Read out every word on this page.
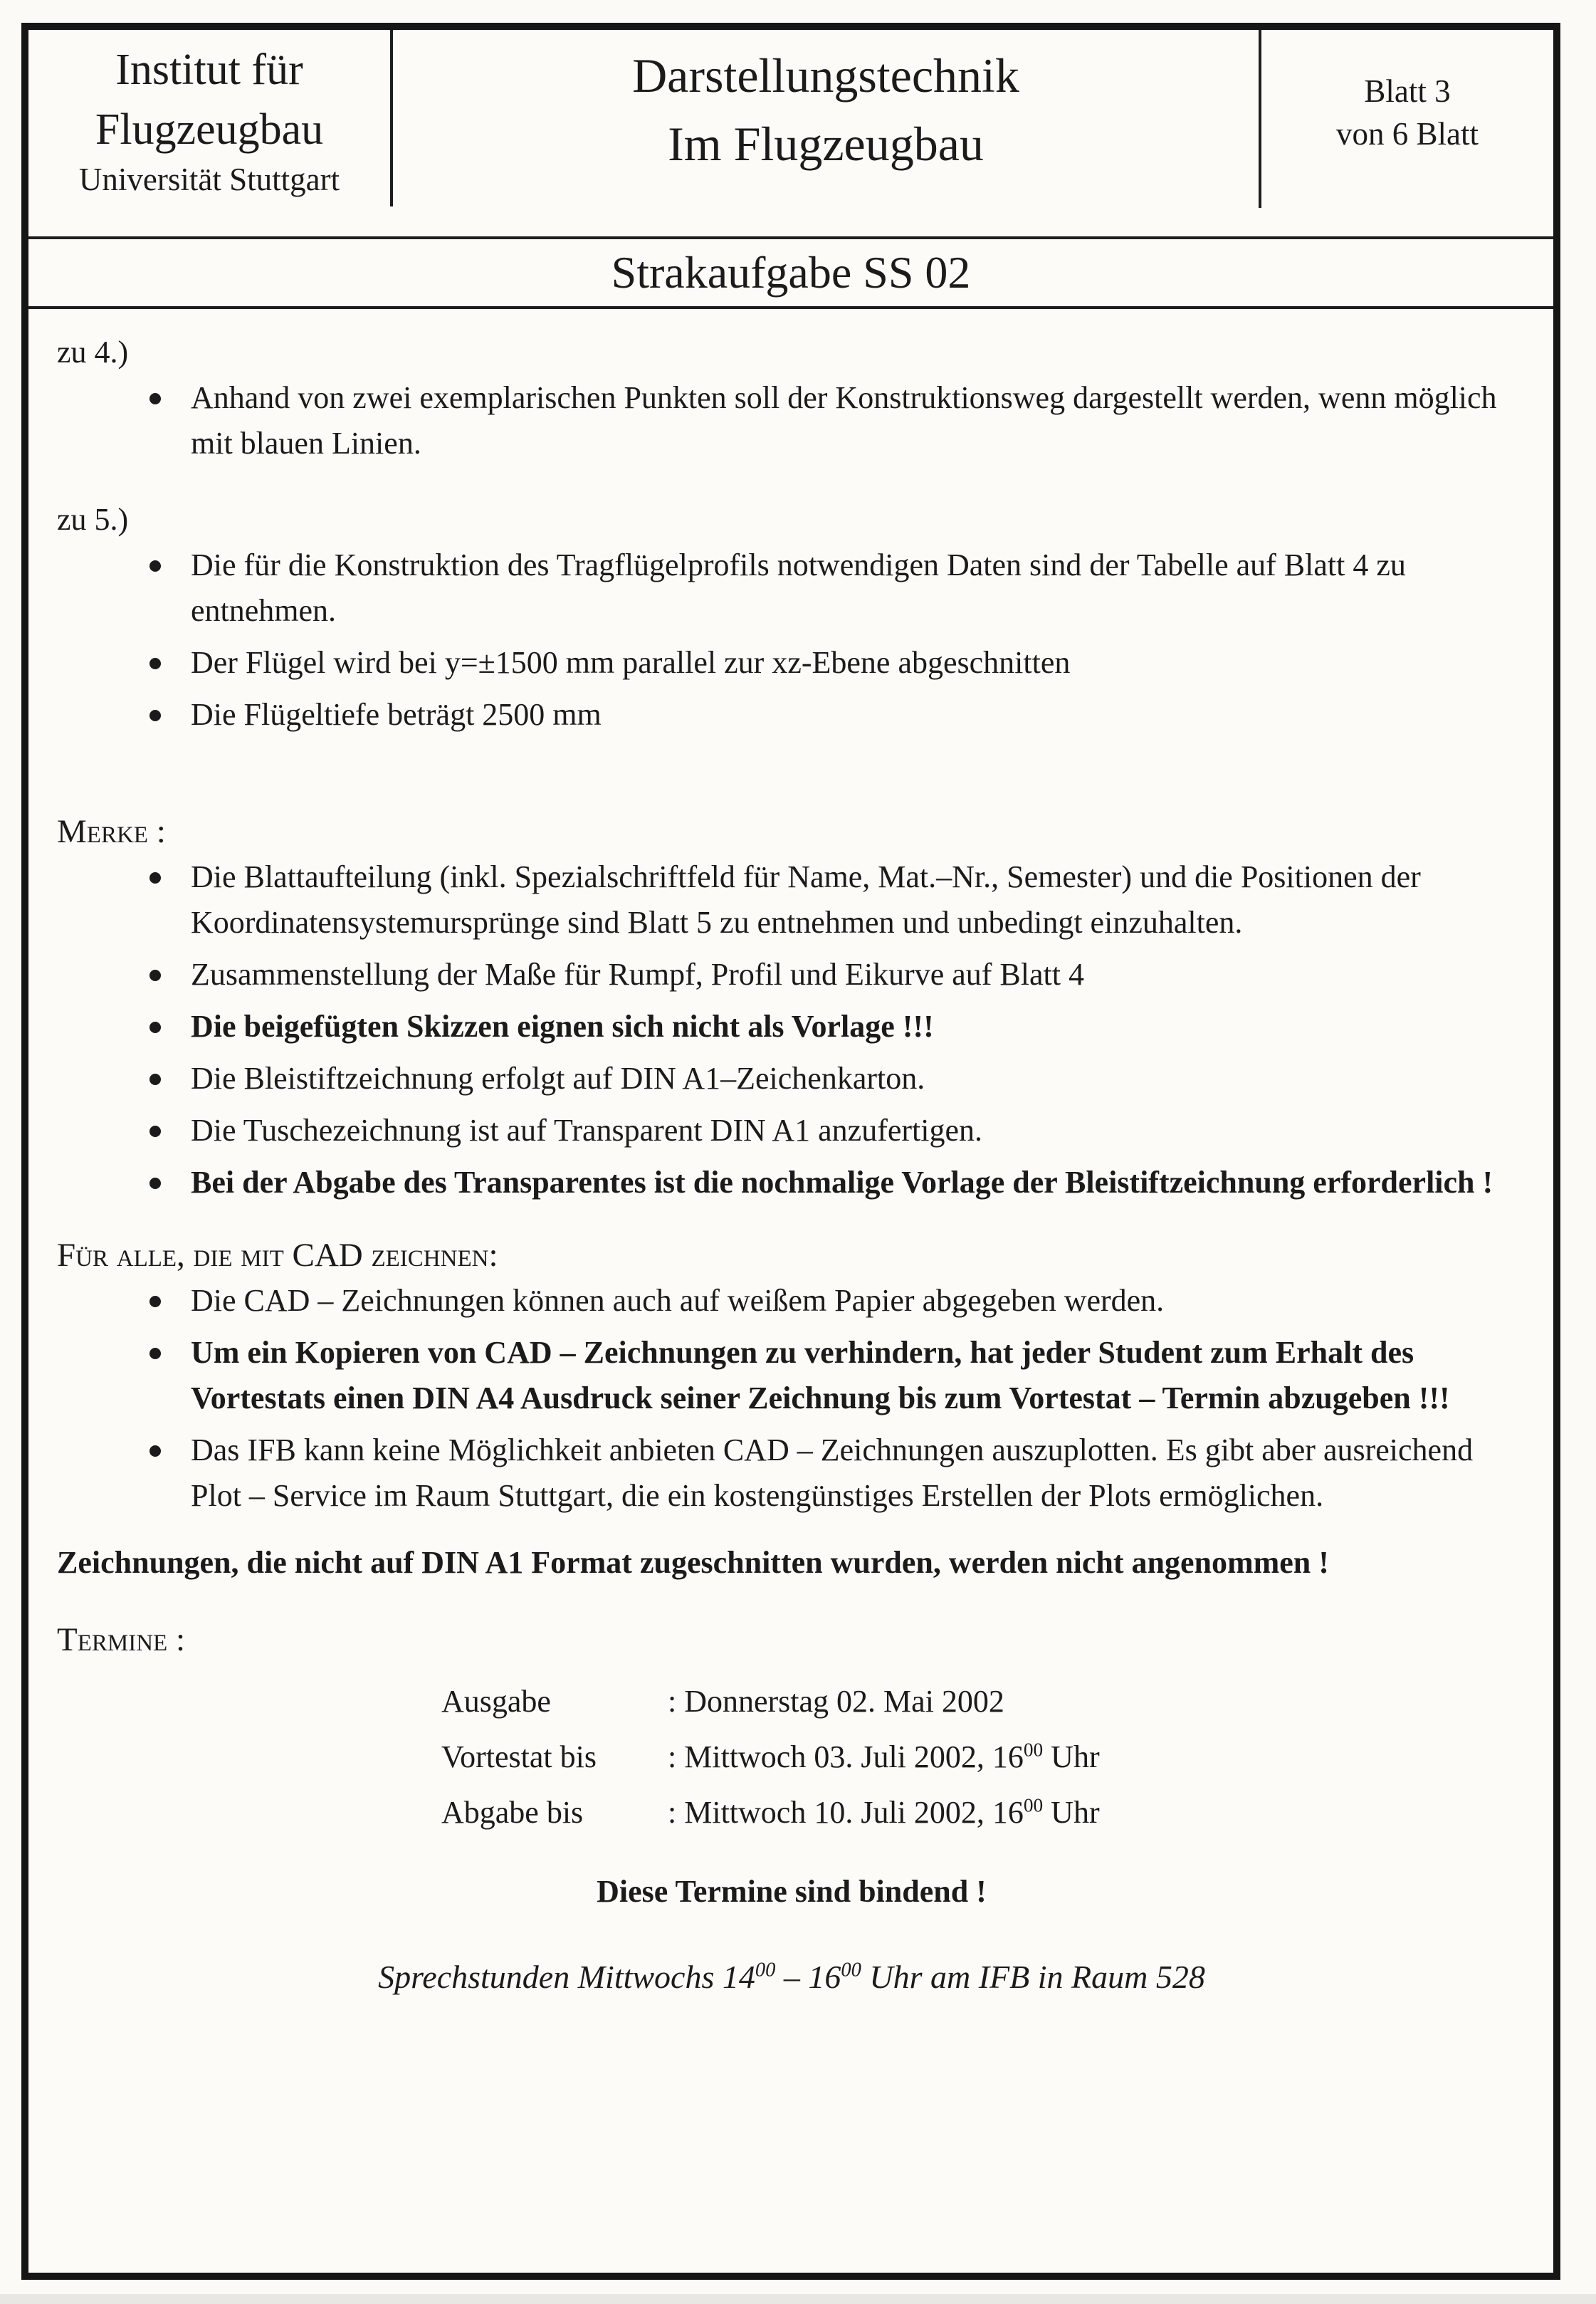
Institut für
Flugzeugbau
Universität Stuttgart
Darstellungstechnik
Im Flugzeugbau
Blatt 3
von 6 Blatt
Strakaufgabe SS 02

zu 4.)

Anhand von zwei exemplarischen Punkten soll der Konstruktionsweg dargestellt werden, wenn möglich mit blauen Linien.

zu 5.)

Die für die Konstruktion des Tragflügelprofils notwendigen Daten sind der Tabelle auf Blatt 4 zu entnehmen.
Der Flügel wird bei y=±1500 mm parallel zur xz-Ebene abgeschnitten
Die Flügeltiefe beträgt 2500 mm

Merke :

Die Blattaufteilung (inkl. Spezialschriftfeld für Name, Mat.–Nr., Semester) und die Positionen der Koordinatensystemursprünge sind Blatt 5 zu entnehmen und unbedingt einzuhalten.
Zusammenstellung der Maße für Rumpf, Profil und Eikurve auf Blatt 4
Die beigefügten Skizzen eignen sich nicht als Vorlage !!!
Die Bleistiftzeichnung erfolgt auf DIN A1–Zeichenkarton.
Die Tuschezeichnung ist auf Transparent DIN A1 anzufertigen.
Bei der Abgabe des Transparentes ist die nochmalige Vorlage der Bleistiftzeichnung erforderlich !

Für alle, die mit CAD zeichnen:

Die CAD – Zeichnungen können auch auf weißem Papier abgegeben werden.
Um ein Kopieren von CAD – Zeichnungen zu verhindern, hat jeder Student zum Erhalt des Vortestats einen DIN A4 Ausdruck seiner Zeichnung bis zum Vortestat – Termin abzugeben !!!
Das IFB kann keine Möglichkeit anbieten CAD – Zeichnungen auszuplotten. Es gibt aber ausreichend Plot – Service im Raum Stuttgart, die ein kostengünstiges Erstellen der Plots ermöglichen.

Zeichnungen, die nicht auf DIN A1 Format zugeschnitten wurden, werden nicht angenommen !

Termine :

Ausgabe	: Donnerstag 02. Mai 2002
Vortestat bis : Mittwoch 03. Juli 2002, $16^{00}$ Uhr
Abgabe bis	: Mittwoch 10. Juli 2002, $16^{00}$ Uhr

Diese Termine sind bindend !

Sprechstunden Mittwochs $14^{00} - 16^{00}$ Uhr am IFB in Raum 528
